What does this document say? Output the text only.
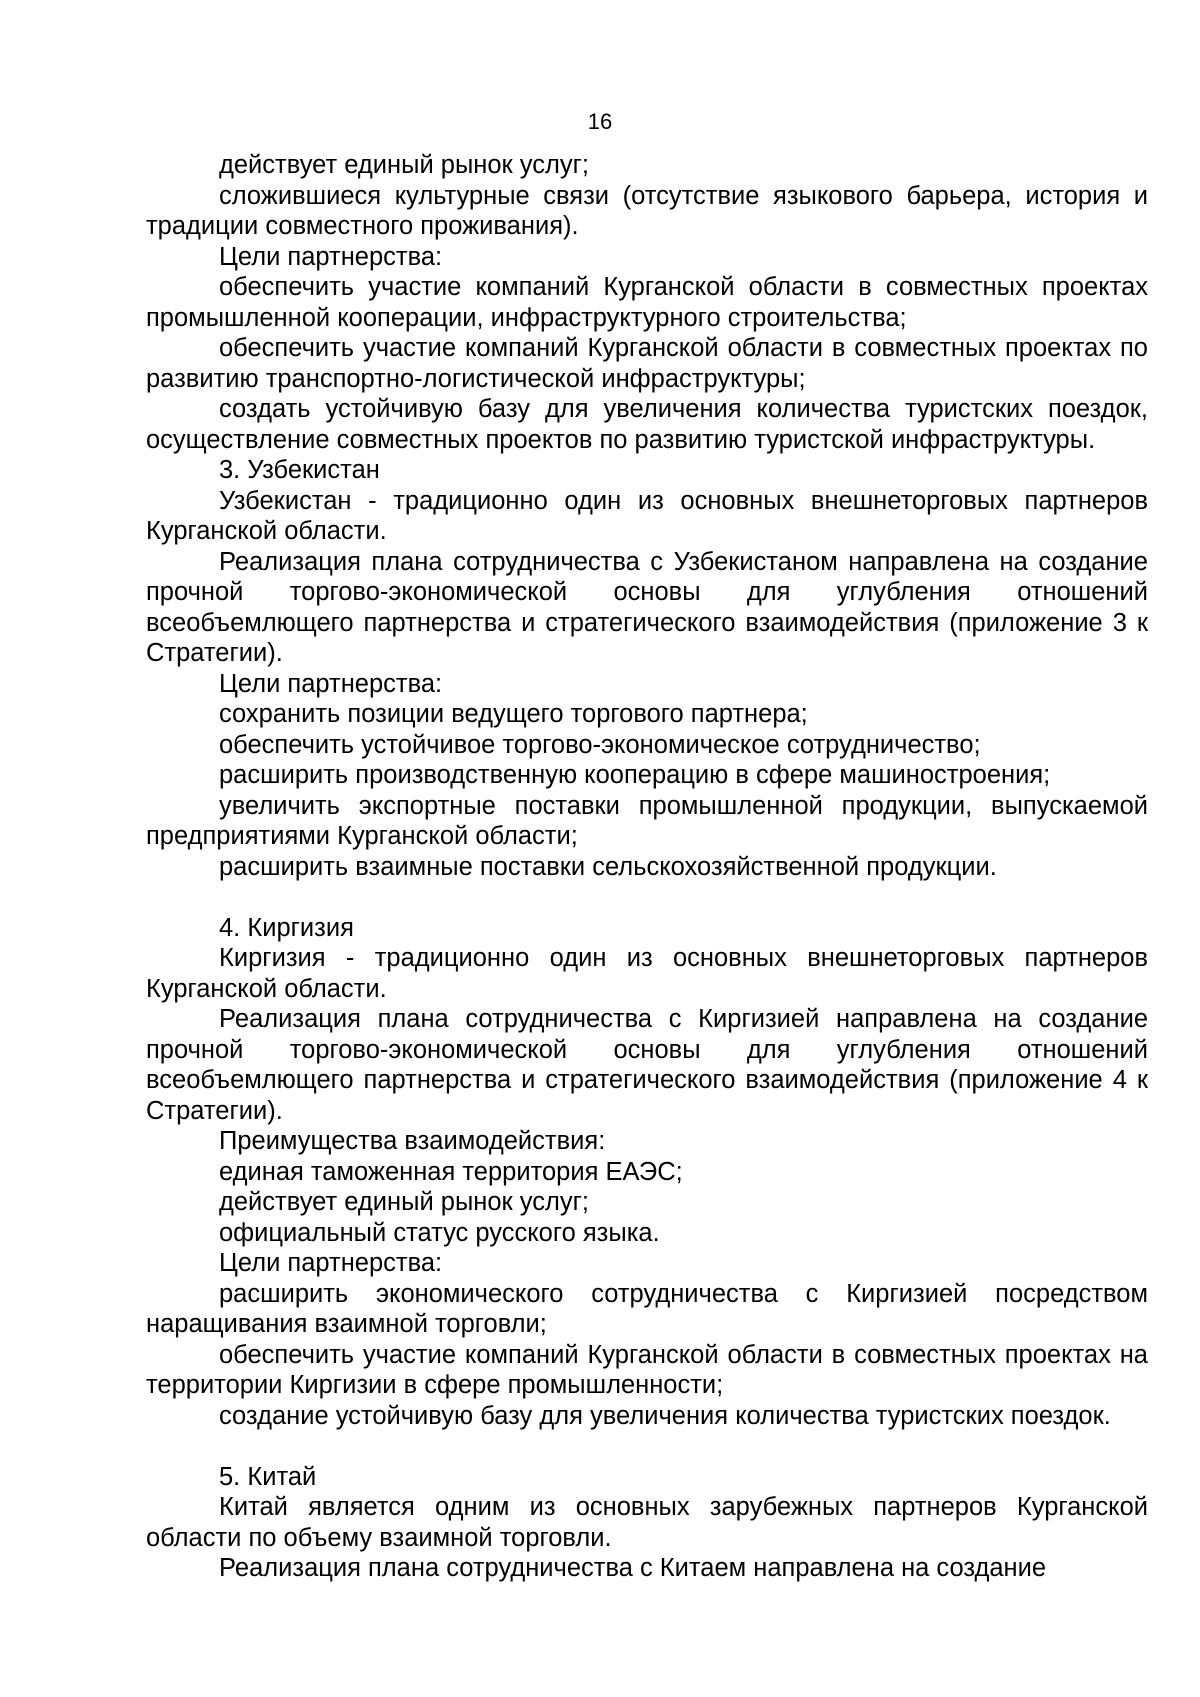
16

действует единый рынок услуг;

сложившиеся культурные связи (отсутствие языкового барьера, история и традиции совместного проживания).

Цели партнерства:

обеспечить участие компаний Курганской области в совместных проектах промышленной кооперации, инфраструктурного строительства;

обеспечить участие компаний Курганской области в совместных проектах по развитию транспортно-логистической инфраструктуры;

создать устойчивую базу для увеличения количества туристских поездок, осуществление совместных проектов по развитию туристской инфраструктуры.

3. Узбекистан

Узбекистан - традиционно один из основных внешнеторговых партнеров Курганской области.

Реализация плана сотрудничества с Узбекистаном направлена на создание прочной торгово-экономической основы для углубления отношений всеобъемлющего партнерства и стратегического взаимодействия (приложение 3 к Стратегии).

Цели партнерства:

сохранить позиции ведущего торгового партнера;

обеспечить устойчивое торгово-экономическое сотрудничество;

расширить производственную кооперацию в сфере машиностроения;

увеличить экспортные поставки промышленной продукции, выпускаемой предприятиями Курганской области;

расширить взаимные поставки сельскохозяйственной продукции.

4. Киргизия

Киргизия - традиционно один из основных внешнеторговых партнеров Курганской области.

Реализация плана сотрудничества с Киргизией направлена на создание прочной торгово-экономической основы для углубления отношений всеобъемлющего партнерства и стратегического взаимодействия (приложение 4 к Стратегии).

Преимущества взаимодействия:

единая таможенная территория ЕАЭС;

действует единый рынок услуг;

официальный статус русского языка.

Цели партнерства:

расширить экономического сотрудничества с Киргизией посредством наращивания взаимной торговли;

обеспечить участие компаний Курганской области в совместных проектах на территории Киргизии в сфере промышленности;

создание устойчивую базу для увеличения количества туристских поездок.

5. Китай

Китай является одним из основных зарубежных партнеров Курганской области по объему взаимной торговли.

Реализация плана сотрудничества с Китаем направлена на создание
